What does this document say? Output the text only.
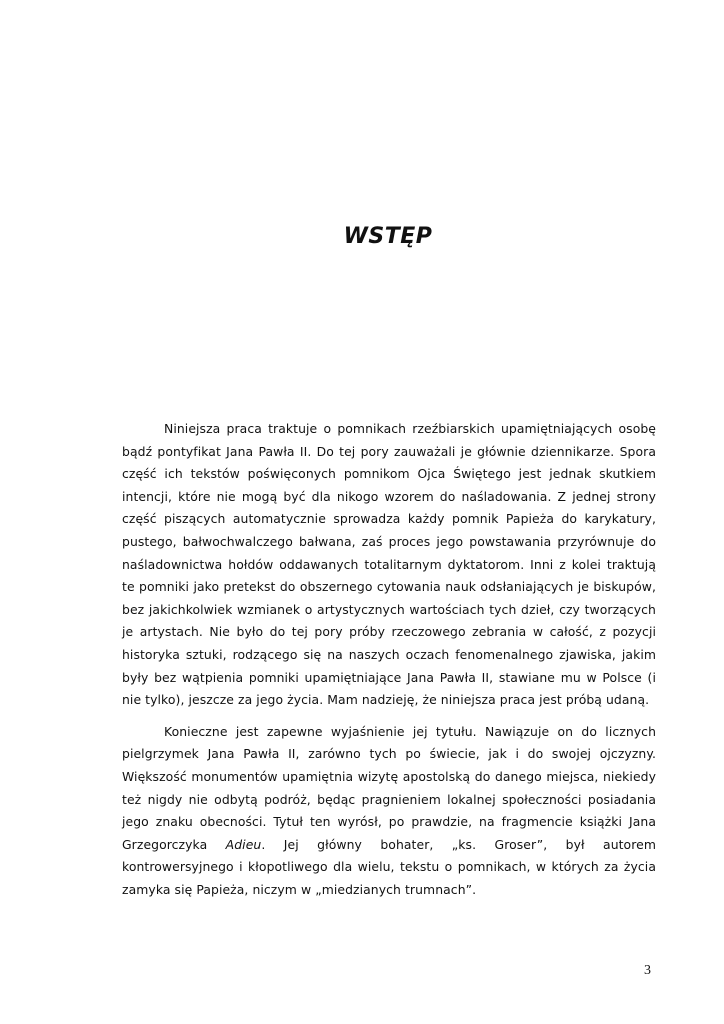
WSTĘP

Niniejsza praca traktuje o pomnikach rzeźbiarskich upamiętniających osobę bądź pontyfikat Jana Pawła II. Do tej pory zauważali je głównie dziennikarze. Spora część ich tekstów poświęconych pomnikom Ojca Świętego jest jednak skutkiem intencji, które nie mogą być dla nikogo wzorem do naśladowania. Z jednej strony część piszących automatycznie sprowadza każdy pomnik Papieża do karykatury, pustego, bałwochwalczego bałwana, zaś proces jego powstawania przyrównuje do naśladownictwa hołdów oddawanych totalitarnym dyktatorom. Inni z kolei traktują te pomniki jako pretekst do obszernego cytowania nauk odsłaniających je biskupów, bez jakichkolwiek wzmianek o artystycznych wartościach tych dzieł, czy tworzących je artystach. Nie było do tej pory próby rzeczowego zebrania w całość, z pozycji historyka sztuki, rodzącego się na naszych oczach fenomenalnego zjawiska, jakim były bez wątpienia pomniki upamiętniające Jana Pawła II, stawiane mu w Polsce (i nie tylko), jeszcze za jego życia. Mam nadzieję, że niniejsza praca jest próbą udaną.

Konieczne jest zapewne wyjaśnienie jej tytułu. Nawiązuje on do licznych pielgrzymek Jana Pawła II, zarówno tych po świecie, jak i do swojej ojczyzny. Większość monumentów upamiętnia wizytę apostolską do danego miejsca, niekiedy też nigdy nie odbytą podróż, będąc pragnieniem lokalnej społeczności posiadania jego znaku obecności. Tytuł ten wyrósł, po prawdzie, na fragmencie książki Jana Grzegorczyka Adieu. Jej główny bohater, „ks. Groser”, był autorem kontrowersyjnego i kłopotliwego dla wielu, tekstu o pomnikach, w których za życia zamyka się Papieża, niczym w „miedzianych trumnach”.

3
